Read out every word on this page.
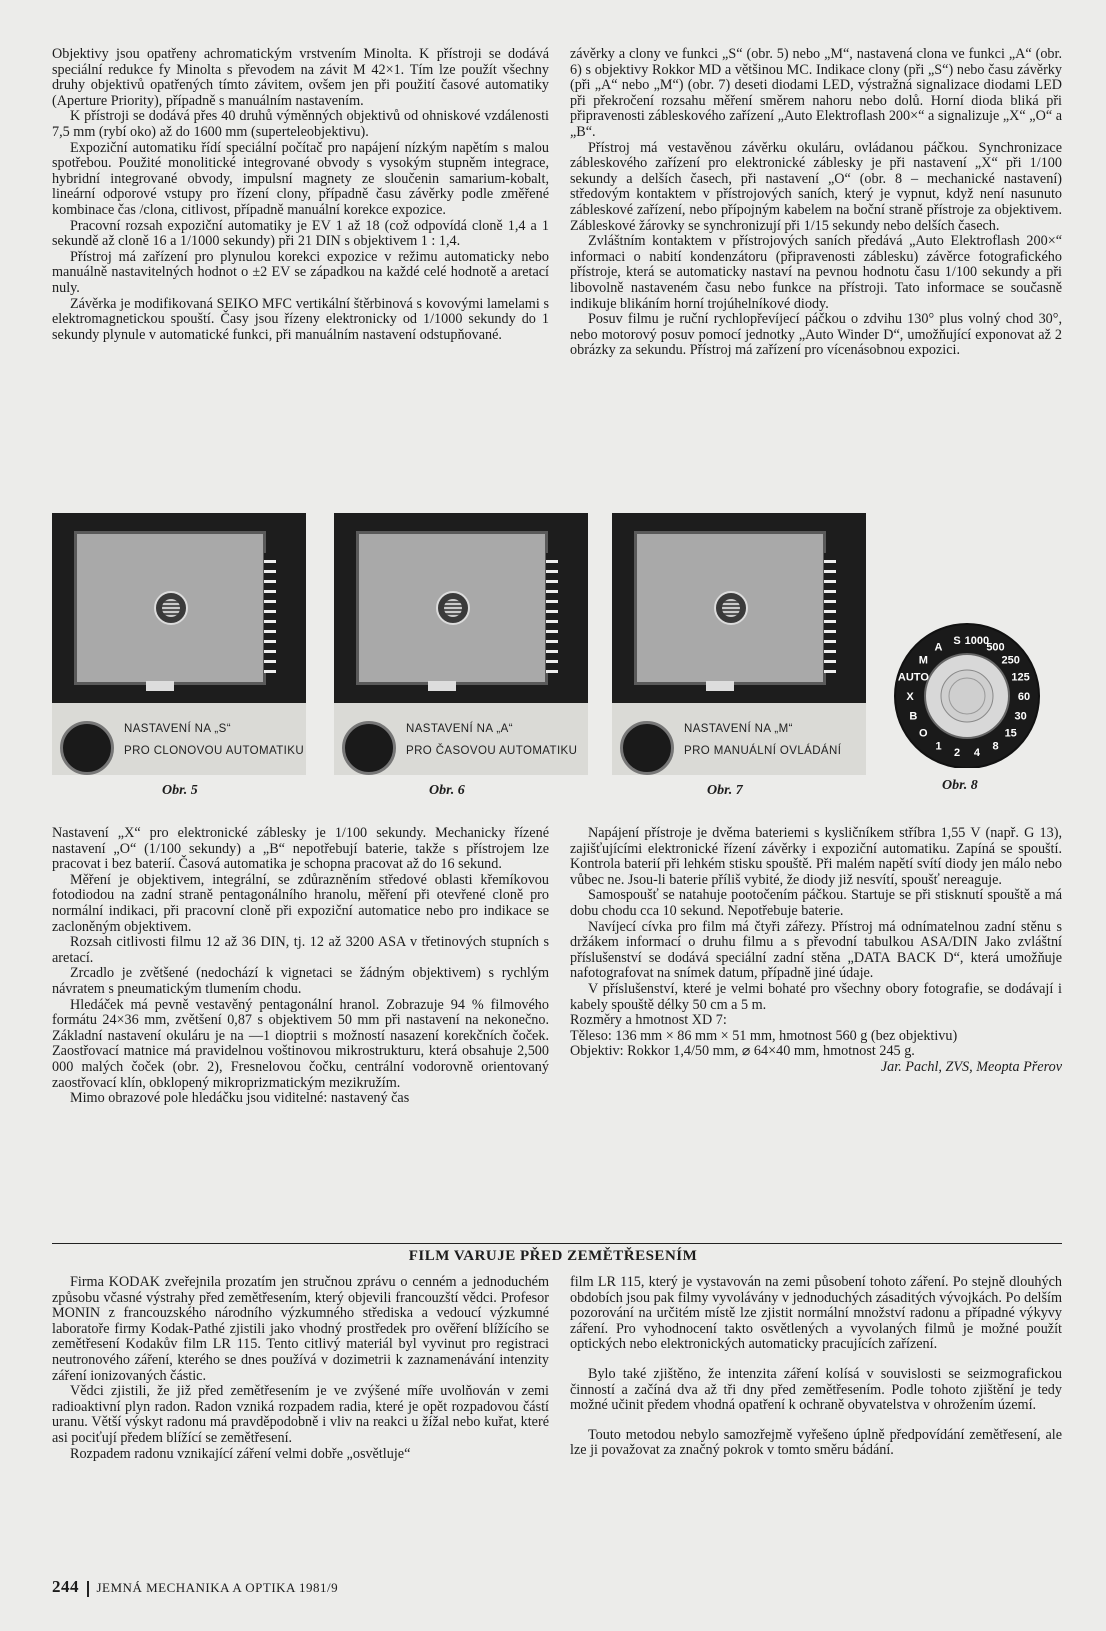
Objektivy jsou opatřeny achromatickým vrstvením Minolta. K přístroji se dodává speciální redukce fy Minolta s převodem na závit M 42×1. Tím lze použít všechny druhy objektivů opatřených tímto závitem, ovšem jen při použití časové automatiky (Aperture Priority), případně s manuálním nastavením.

K přístroji se dodává přes 40 druhů výměnných objektivů od ohniskové vzdálenosti 7,5 mm (rybí oko) až do 1600 mm (superteleobjektivu).

Expoziční automatiku řídí speciální počítač pro napájení nízkým napětím s malou spotřebou. Použité monolitické integrované obvody s vysokým stupněm integrace, hybridní integrované obvody, impulsní magnety ze sloučenin samarium-kobalt, lineární odporové vstupy pro řízení clony, případně času závěrky podle změřené kombinace čas /clona, citlivost, případně manuální korekce expozice.

Pracovní rozsah expoziční automatiky je EV 1 až 18 (což odpovídá cloně 1,4 a 1 sekundě až cloně 16 a 1/1000 sekundy) při 21 DIN s objektivem 1 : 1,4.

Přístroj má zařízení pro plynulou korekci expozice v režimu automaticky nebo manuálně nastavitelných hodnot o ±2 EV se západkou na každé celé hodnotě a aretací nuly.

Závěrka je modifikovaná SEIKO MFC vertikální štěrbinová s kovovými lamelami s elektromagnetickou spouští. Časy jsou řízeny elektronicky od 1/1000 sekundy do 1 sekundy plynule v automatické funkci, při manuálním nastavení odstupňované.

závěrky a clony ve funkci „S“ (obr. 5) nebo „M“, nastavená clona ve funkci „A“ (obr. 6) s objektivy Rokkor MD a většinou MC. Indikace clony (při „S“) nebo času závěrky (při „A“ nebo „M“) (obr. 7) deseti diodami LED, výstražná signalizace diodami LED při překročení rozsahu měření směrem nahoru nebo dolů. Horní dioda bliká při připravenosti zábleskového zařízení „Auto Elektroflash 200×“ a signalizuje „X“ „O“ a „B“.

Přístroj má vestavěnou závěrku okuláru, ovládanou páčkou. Synchronizace zábleskového zařízení pro elektronické záblesky je při nastavení „X“ při 1/100 sekundy a delších časech, při nastavení „O“ (obr. 8 – mechanické nastavení) středovým kontaktem v přístrojových saních, který je vypnut, když není nasunuto zábleskové zařízení, nebo přípojným kabelem na boční straně přístroje za objektivem. Zábleskové žárovky se synchronizují při 1/15 sekundy nebo delších časech.

Zvláštním kontaktem v přístrojových saních předává „Auto Elektroflash 200×“ informaci o nabití kondenzátoru (připravenosti záblesku) závěrce fotografického přístroje, která se automaticky nastaví na pevnou hodnotu času 1/100 sekundy a při libovolně nastaveném času nebo funkce na přístroji. Tato informace se současně indikuje blikáním horní trojúhelníkové diody.

Posuv filmu je ruční rychlopřevíjecí páčkou o zdvihu 130° plus volný chod 30°, nebo motorový posuv pomocí jednotky „Auto Winder D“, umožňující exponovat až 2 obrázky za sekundu. Přístroj má zařízení pro vícenásobnou expozici.

NASTAVENÍ NA „S“
PRO CLONOVOU AUTOMATIKU
Obr. 5
NASTAVENÍ NA „A“
PRO ČASOVOU AUTOMATIKU
Obr. 6
NASTAVENÍ NA „M“
PRO MANUÁLNÍ OVLÁDÁNÍ
Obr. 7
1000
500
250
125
60
30
15
8
4
2
1
O
B
X
AUTO
M
A
S
Obr. 8

Nastavení „X“ pro elektronické záblesky je 1/100 sekundy. Mechanicky řízené nastavení „O“ (1/100 sekundy) a „B“ nepotřebují baterie, takže s přístrojem lze pracovat i bez baterií. Časová automatika je schopna pracovat až do 16 sekund.

Měření je objektivem, integrální, se zdůrazněním středové oblasti křemíkovou fotodiodou na zadní straně pentagonálního hranolu, měření při otevřené cloně pro normální indikaci, při pracovní cloně při expoziční automatice nebo pro indikace se zacloněným objektivem.

Rozsah citlivosti filmu 12 až 36 DIN, tj. 12 až 3200 ASA v třetinových stupních s aretací.

Zrcadlo je zvětšené (nedochází k vignetaci se žádným objektivem) s rychlým návratem s pneumatickým tlumením chodu.

Hledáček má pevně vestavěný pentagonální hranol. Zobrazuje 94 % filmového formátu 24×36 mm, zvětšení 0,87 s objektivem 50 mm při nastavení na nekonečno. Základní nastavení okuláru je na —1 dioptrii s možností nasazení korekčních čoček. Zaostřovací matnice má pravidelnou voštinovou mikrostrukturu, která obsahuje 2,500 000 malých čoček (obr. 2), Fresnelovou čočku, centrální vodorovně orientovaný zaostřovací klín, obklopený mikroprizmatickým mezikružím.

Mimo obrazové pole hledáčku jsou viditelné: nastavený čas

Napájení přístroje je dvěma bateriemi s kysličníkem stříbra 1,55 V (např. G 13), zajišťujícími elektronické řízení závěrky i expoziční automatiku. Zapíná se spouští. Kontrola baterií při lehkém stisku spouště. Při malém napětí svítí diody jen málo nebo vůbec ne. Jsou-li baterie příliš vybité, že diody již nesvítí, spoušť nereaguje.

Samospoušť se natahuje pootočením páčkou. Startuje se při stisknutí spouště a má dobu chodu cca 10 sekund. Nepotřebuje baterie.

Navíjecí cívka pro film má čtyři zářezy. Přístroj má odnímatelnou zadní stěnu s držákem informací o druhu filmu a s převodní tabulkou ASA/DIN Jako zvláštní příslušenství se dodává speciální zadní stěna „DATA BACK D“, která umožňuje nafotografovat na snímek datum, případně jiné údaje.

V příslušenství, které je velmi bohaté pro všechny obory fotografie, se dodávají i kabely spouště délky 50 cm a 5 m.

Rozměry a hmotnost XD 7:

Těleso: 136 mm × 86 mm × 51 mm, hmotnost 560 g (bez objektivu)

Objektiv: Rokkor 1,4/50 mm, ⌀ 64×40 mm, hmotnost 245 g.

Jar. Pachl, ZVS, Meopta Přerov

FILM VARUJE PŘED ZEMĚTŘESENÍM

Firma KODAK zveřejnila prozatím jen stručnou zprávu o cenném a jednoduchém způsobu včasné výstrahy před zemětřesením, který objevili francouzští vědci. Profesor MONIN z francouzského národního výzkumného střediska a vedoucí výzkumné laboratoře firmy Kodak-Pathé zjistili jako vhodný prostředek pro ověření blížícího se zemětřesení Kodakův film LR 115. Tento citlivý materiál byl vyvinut pro registraci neutronového záření, kterého se dnes používá v dozimetrii k zaznamenávání intenzity záření ionizovaných částic.

Vědci zjistili, že již před zemětřesením je ve zvýšené míře uvolňován v zemi radioaktivní plyn radon. Radon vzniká rozpadem radia, které je opět rozpadovou částí uranu. Větší výskyt radonu má pravděpodobně i vliv na reakci u žížal nebo kuřat, které asi pociťují předem blížící se zemětřesení.

Rozpadem radonu vznikající záření velmi dobře „osvětluje“

film LR 115, který je vystavován na zemi působení tohoto záření. Po stejně dlouhých obdobích jsou pak filmy vyvolávány v jednoduchých zásaditých vývojkách. Po delším pozorování na určitém místě lze zjistit normální množství radonu a případné výkyvy záření. Pro vyhodnocení takto osvětlených a vyvolaných filmů je možné použít optických nebo elektronických automaticky pracujících zařízení.

Bylo také zjištěno, že intenzita záření kolísá v souvislosti se seizmografickou činností a začíná dva až tři dny před zemětřesením. Podle tohoto zjištění je tedy možné učinit předem vhodná opatření k ochraně obyvatelstva v ohrožením území.

Touto metodou nebylo samozřejmě vyřešeno úplně předpovídání zemětřesení, ale lze ji považovat za značný pokrok v tomto směru bádání.

244 JEMNÁ MECHANIKA A OPTIKA 1981/9
